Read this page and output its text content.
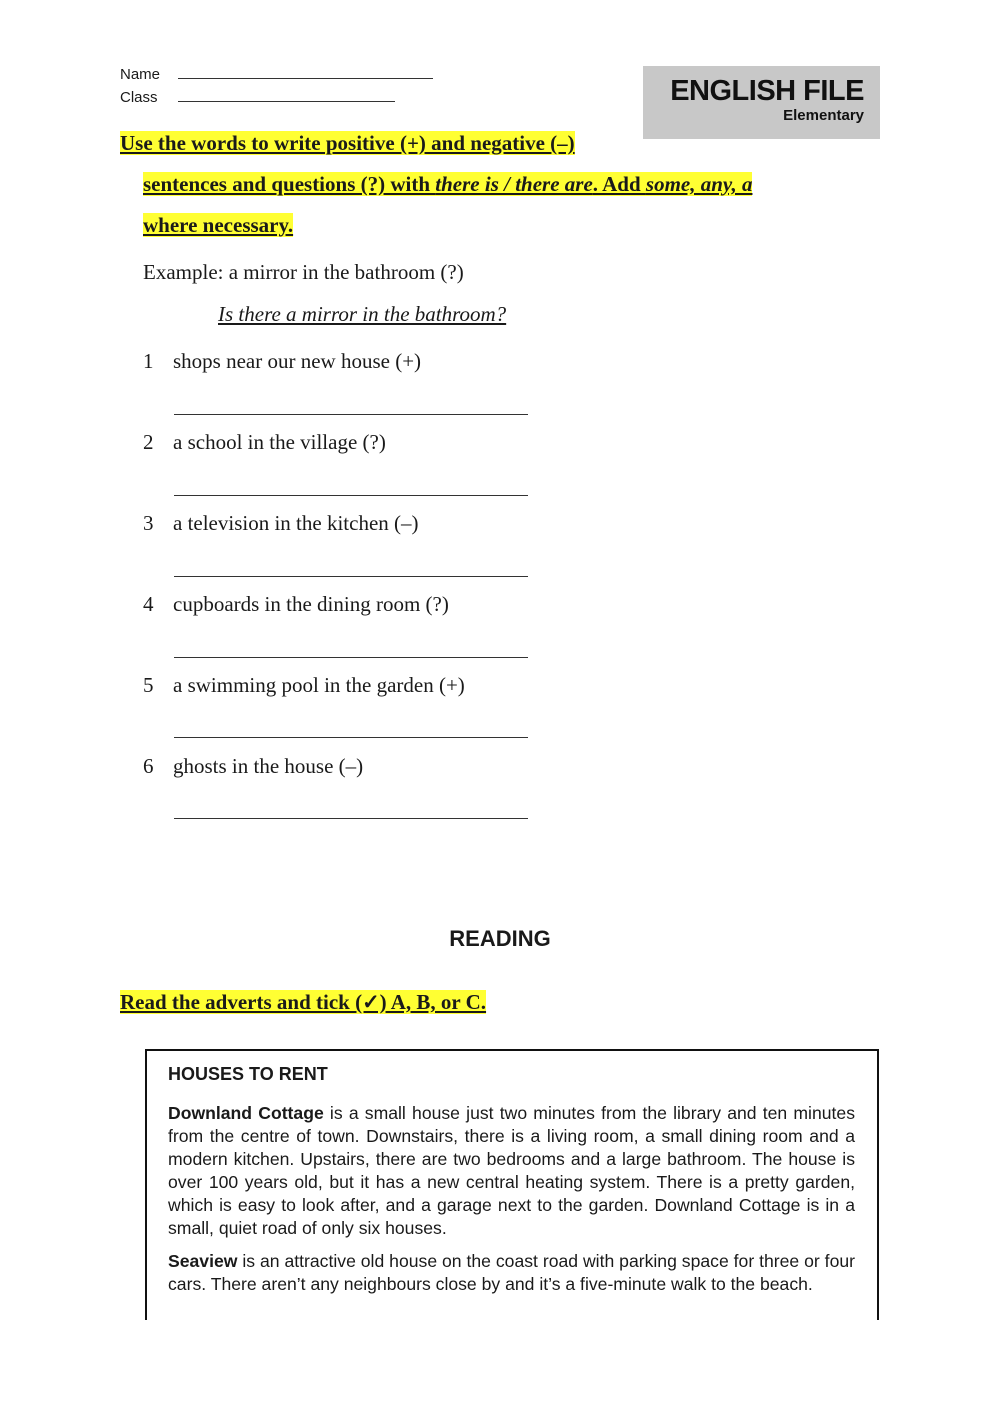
Name
Class	ENGLISH FILE
Elementary
Use the words to write positive (+) and negative (–)
sentences and questions (?) with there is / there are. Add some, any, a
where necessary.
Example: a mirror in the bathroom (?)
Is there a mirror in the bathroom?
1 shops near our new house (+)
2 a school in the village (?)
3 a television in the kitchen (–)
4 cupboards in the dining room (?)
5 a swimming pool in the garden (+)
6 ghosts in the house (–)
READING
Read the adverts and tick (✓) A, B, or C.
HOUSES TO RENT

Downland Cottage is a small house just two minutes from the library and ten minutes from the centre of town. Downstairs, there is a living room, a small dining room and a modern kitchen. Upstairs, there are two bedrooms and a large bathroom. The house is over 100 years old, but it has a new central heating system. There is a pretty garden, which is easy to look after, and a garage next to the garden. Downland Cottage is in a small, quiet road of only six houses.

Seaview is an attractive old house on the coast road with parking space for three or four cars. There aren’t any neighbours close by and it’s a five-minute walk to the beach.
